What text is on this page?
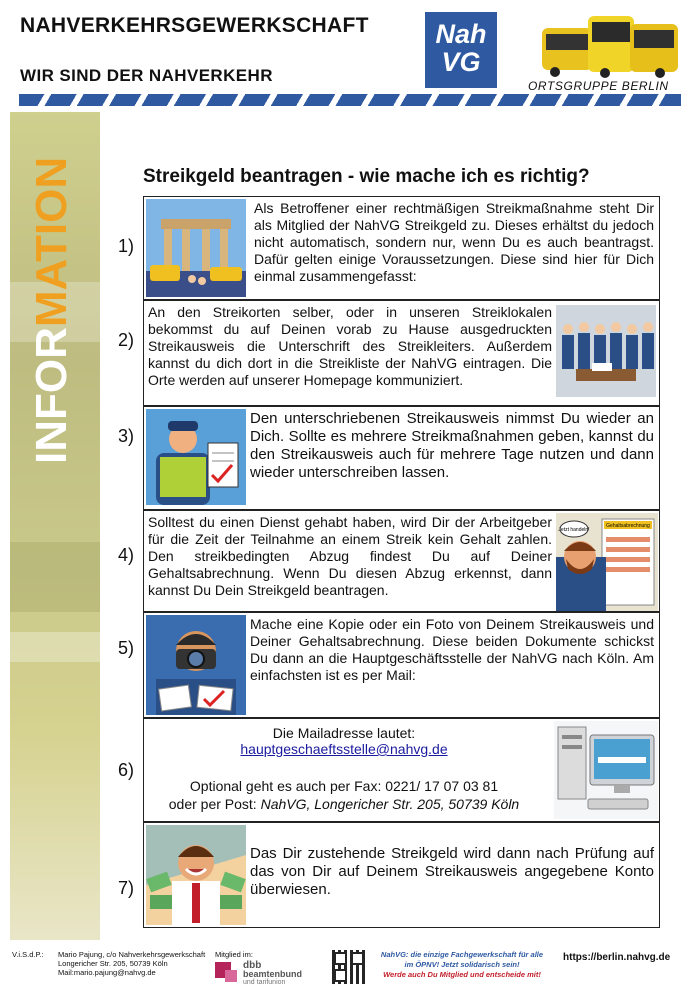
NAHVERKEHRSGEWERKSCHAFT
WIR SIND DER NAHVERKEHR
Nah
VG
ORTSGRUPPE BERLIN
INFORMATION	Streikgeld beantragen - wie mache ich es richtig?
1)
Als Betroffener einer rechtmäßigen Streikmaßnahme steht Dir als Mitglied der NahVG Streikgeld zu. Dieses erhältst du jedoch nicht automatisch, sondern nur, wenn Du es auch beantragst. Dafür gelten einige Voraussetzungen. Diese sind hier für Dich einmal zusammengefasst:
2)
An den Streikorten selber, oder in unseren Streiklokalen bekommst du auf Deinen vorab zu Hause ausgedruckten Streikausweis die Unterschrift des Streikleiters. Außerdem kannst du dich dort in die Streikliste der NahVG eintragen. Die Orte werden auf unserer Homepage kommuniziert.
3)
Den unterschriebenen Streikausweis nimmst Du wieder an Dich. Sollte es mehrere Streikmaßnahmen geben, kannst du den Streikausweis auch für mehrere Tage nutzen und dann wieder unterschreiben lassen.
4)
Solltest du einen Dienst gehabt haben, wird Dir der Arbeitgeber für die Zeit der Teilnahme an einem Streik kein Gehalt zahlen. Den streikbedingten Abzug findest Du auf Deiner Gehaltsabrechnung. Wenn Du diesen Abzug erkennst, dann kannst Du Dein Streikgeld beantragen.
Gehaltsabrechnung
Jetzt handeln!
5)
Mache eine Kopie oder ein Foto von Deinem Streikausweis und Deiner Gehaltsabrechnung. Diese beiden Dokumente schickst Du dann an die Hauptgeschäftsstelle der NahVG nach Köln. Am einfachsten ist es per Mail:
6)
Die Mailadresse lautet:
hauptgeschaeftsstelle@nahvg.de
Optional geht es auch per Fax: 0221/ 17 07 03 81
oder per Post: NahVG, Longericher Str. 205, 50739 Köln
7)
Das Dir zustehende Streikgeld wird dann nach Prüfung auf das von Dir auf Deinem Streikausweis angegebene Konto überwiesen.
V.i.S.d.P.: Mario Pajung, c/o Nahverkehrsgewerkschaft
Longericher Str. 205, 50739 Köln
Mail:mario.pajung@nahvg.de
Mitglied im:
dbb
beamtenbund
und tarifunion
NahVG: die einzige Fachgewerkschaft für alle
im ÖPNV! Jetzt solidarisch sein!
Werde auch Du Mitglied und entscheide mit!
https://berlin.nahvg.de
